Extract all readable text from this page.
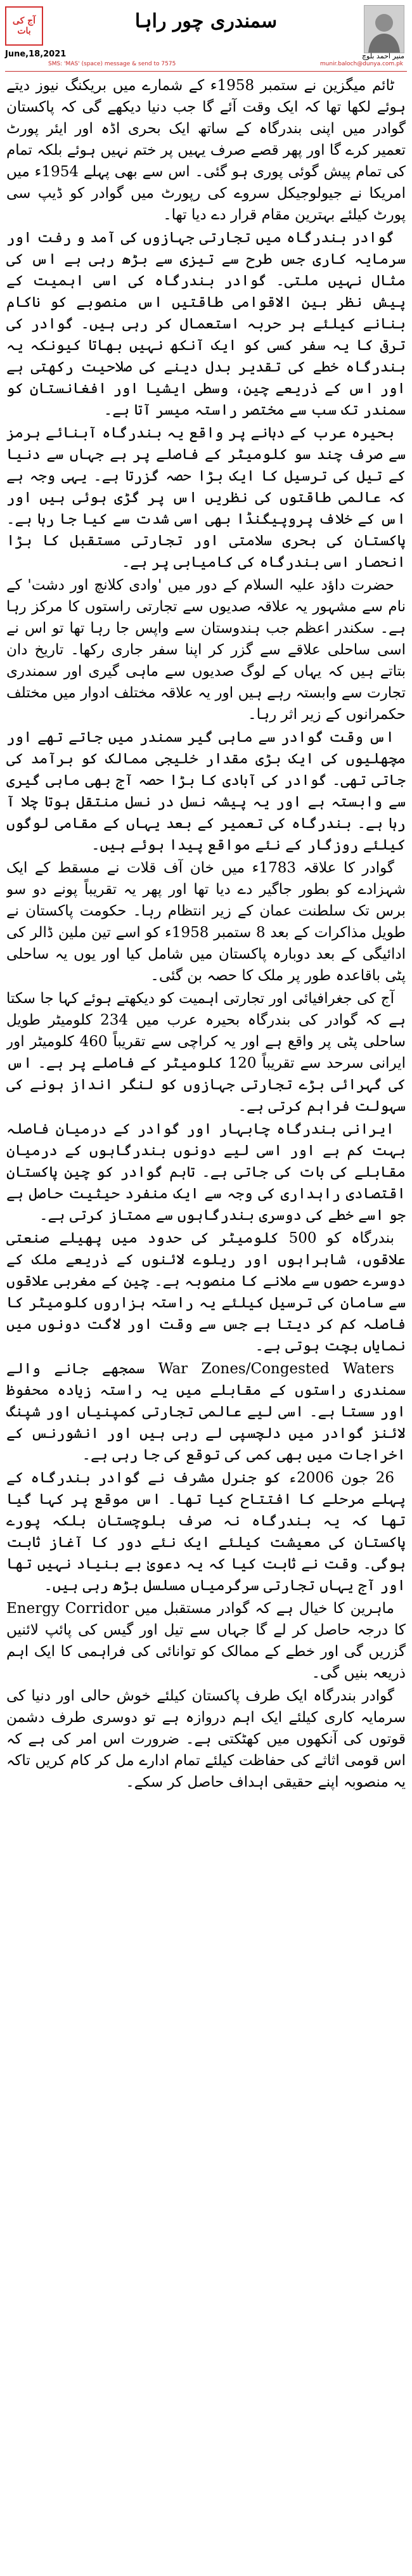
آج کی بات
June,18,2021
SMS: 'MAS' (space) message & send to 7575
سمندری چور راہا
منیر احمد بلوچ
munir.baloch@dunya.com.pk

ٹائم میگزین نے ستمبر 1958ء کے شمارے میں بریکنگ نیوز دیتے ہوئے لکھا تھا کہ ایک وقت آئے گا جب دنیا دیکھے گی کہ پاکستان گوادر میں اپنی بندرگاہ کے ساتھ ایک بحری اڈہ اور ایئر پورٹ تعمیر کرے گا اور پھر قصے صرف یہیں پر ختم نہیں ہوئے بلکہ تمام کی تمام پیش گوئی پوری ہو گئی۔ اس سے بھی پہلے 1954ء میں امریکا نے جیولوجیکل سروے کی رپورٹ میں گوادر کو ڈیپ سی پورٹ کیلئے بہترین مقام قرار دے دیا تھا۔

گوادر بندرگاہ میں تجارتی جہازوں کی آمد و رفت اور سرمایہ کاری جس طرح سے تیزی سے بڑھ رہی ہے اس کی مثال نہیں ملتی۔ گوادر بندرگاہ کی اسی اہمیت کے پیش نظر بین الاقوامی طاقتیں اس منصوبے کو ناکام بنانے کیلئے ہر حربہ استعمال کر رہی ہیں۔ گوادر کی ترقی کا یہ سفر کسی کو ایک آنکھ نہیں بھاتا کیونکہ یہ بندرگاہ خطے کی تقدیر بدل دینے کی صلاحیت رکھتی ہے اور اس کے ذریعے چین، وسطی ایشیا اور افغانستان کو سمندر تک سب سے مختصر راستہ میسر آتا ہے۔

بحیرہ عرب کے دہانے پر واقع یہ بندرگاہ آبنائے ہرمز سے صرف چند سو کلومیٹر کے فاصلے پر ہے جہاں سے دنیا کے تیل کی ترسیل کا ایک بڑا حصہ گزرتا ہے۔ یہی وجہ ہے کہ عالمی طاقتوں کی نظریں اس پر گڑی ہوئی ہیں اور اس کے خلاف پروپیگنڈا بھی اسی شدت سے کیا جا رہا ہے۔ پاکستان کی بحری سلامتی اور تجارتی مستقبل کا بڑا انحصار اسی بندرگاہ کی کامیابی پر ہے۔

حضرت داؤد علیہ السلام کے دور میں 'وادی کلانچ اور دشت' کے نام سے مشہور یہ علاقہ صدیوں سے تجارتی راستوں کا مرکز رہا ہے۔ سکندر اعظم جب ہندوستان سے واپس جا رہا تھا تو اس نے اسی ساحلی علاقے سے گزر کر اپنا سفر جاری رکھا۔ تاریخ دان بتاتے ہیں کہ یہاں کے لوگ صدیوں سے ماہی گیری اور سمندری تجارت سے وابستہ رہے ہیں اور یہ علاقہ مختلف ادوار میں مختلف حکمرانوں کے زیر اثر رہا۔

اس وقت گوادر سے ماہی گیر سمندر میں جاتے تھے اور مچھلیوں کی ایک بڑی مقدار خلیجی ممالک کو برآمد کی جاتی تھی۔ گوادر کی آبادی کا بڑا حصہ آج بھی ماہی گیری سے وابستہ ہے اور یہ پیشہ نسل در نسل منتقل ہوتا چلا آ رہا ہے۔ بندرگاہ کی تعمیر کے بعد یہاں کے مقامی لوگوں کیلئے روزگار کے نئے مواقع پیدا ہوئے ہیں۔

گوادر کا علاقہ 1783ء میں خان آف قلات نے مسقط کے ایک شہزادے کو بطور جاگیر دے دیا تھا اور پھر یہ تقریباً پونے دو سو برس تک سلطنت عمان کے زیر انتظام رہا۔ حکومت پاکستان نے طویل مذاکرات کے بعد 8 ستمبر 1958ء کو اسے تین ملین ڈالر کی ادائیگی کے بعد دوبارہ پاکستان میں شامل کیا اور یوں یہ ساحلی پٹی باقاعدہ طور پر ملک کا حصہ بن گئی۔

آج کی جغرافیائی اور تجارتی اہمیت کو دیکھتے ہوئے کہا جا سکتا ہے کہ گوادر کی بندرگاہ بحیرہ عرب میں 234 کلومیٹر طویل ساحلی پٹی پر واقع ہے اور یہ کراچی سے تقریباً 460 کلومیٹر اور ایرانی سرحد سے تقریباً 120 کلومیٹر کے فاصلے پر ہے۔ اس کی گہرائی بڑے تجارتی جہازوں کو لنگر انداز ہونے کی سہولت فراہم کرتی ہے۔

ایرانی بندرگاہ چابہار اور گوادر کے درمیان فاصلہ بہت کم ہے اور اسی لیے دونوں بندرگاہوں کے درمیان مقابلے کی بات کی جاتی ہے۔ تاہم گوادر کو چین پاکستان اقتصادی راہداری کی وجہ سے ایک منفرد حیثیت حاصل ہے جو اسے خطے کی دوسری بندرگاہوں سے ممتاز کرتی ہے۔

بندرگاہ کو 500 کلومیٹر کی حدود میں پھیلے صنعتی علاقوں، شاہراہوں اور ریلوے لائنوں کے ذریعے ملک کے دوسرے حصوں سے ملانے کا منصوبہ ہے۔ چین کے مغربی علاقوں سے سامان کی ترسیل کیلئے یہ راستہ ہزاروں کلومیٹر کا فاصلہ کم کر دیتا ہے جس سے وقت اور لاگت دونوں میں نمایاں بچت ہوتی ہے۔

War Zones/Congested Waters سمجھے جانے والے سمندری راستوں کے مقابلے میں یہ راستہ زیادہ محفوظ اور سستا ہے۔ اسی لیے عالمی تجارتی کمپنیاں اور شپنگ لائنز گوادر میں دلچسپی لے رہی ہیں اور انشورنس کے اخراجات میں بھی کمی کی توقع کی جا رہی ہے۔

26 جون 2006ء کو جنرل مشرف نے گوادر بندرگاہ کے پہلے مرحلے کا افتتاح کیا تھا۔ اس موقع پر کہا گیا تھا کہ یہ بندرگاہ نہ صرف بلوچستان بلکہ پورے پاکستان کی معیشت کیلئے ایک نئے دور کا آغاز ثابت ہوگی۔ وقت نے ثابت کیا کہ یہ دعویٰ بے بنیاد نہیں تھا اور آج یہاں تجارتی سرگرمیاں مسلسل بڑھ رہی ہیں۔

ماہرین کا خیال ہے کہ گوادر مستقبل میں Energy Corridor کا درجہ حاصل کر لے گا جہاں سے تیل اور گیس کی پائپ لائنیں گزریں گی اور خطے کے ممالک کو توانائی کی فراہمی کا ایک اہم ذریعہ بنیں گی۔

گوادر بندرگاہ ایک طرف پاکستان کیلئے خوش حالی اور دنیا کی سرمایہ کاری کیلئے ایک اہم دروازہ ہے تو دوسری طرف دشمن قوتوں کی آنکھوں میں کھٹکتی ہے۔ ضرورت اس امر کی ہے کہ اس قومی اثاثے کی حفاظت کیلئے تمام ادارے مل کر کام کریں تاکہ یہ منصوبہ اپنے حقیقی اہداف حاصل کر سکے۔
